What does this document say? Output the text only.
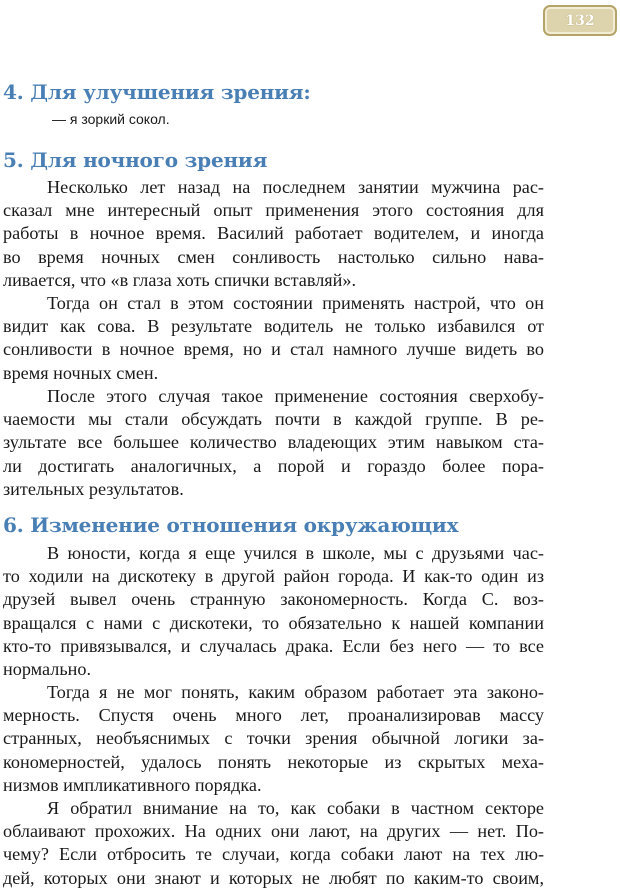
132
4. Для улучшения зрения:

— я зоркий сокол.

5. Для ночного зрения
Несколько лет назад на последнем занятии мужчина рас-
сказал мне интересный опыт применения этого состояния для
работы в ночное время. Василий работает водителем, и иногда
во время ночных смен сонливость настолько сильно нава-
ливается, что «в глаза хоть спички вставляй».
Тогда он стал в этом состоянии применять настрой, что он
видит как сова. В результате водитель не только избавился от
сонливости в ночное время, но и стал намного лучше видеть во
время ночных смен.
После этого случая такое применение состояния сверхобу-
чаемости мы стали обсуждать почти в каждой группе. В ре-
зультате все большее количество владеющих этим навыком ста-
ли достигать аналогичных, а порой и гораздо более пора-
зительных результатов.
6. Изменение отношения окружающих
В юности, когда я еще учился в школе, мы с друзьями час-
то ходили на дискотеку в другой район города. И как-то один из
друзей вывел очень странную закономерность. Когда С. воз-
вращался с нами с дискотеки, то обязательно к нашей компании
кто-то привязывался, и случалась драка. Если без него — то все
нормально.
Тогда я не мог понять, каким образом работает эта законо-
мерность. Спустя очень много лет, проанализировав массу
странных, необъяснимых с точки зрения обычной логики за-
кономерностей, удалось понять некоторые из скрытых меха-
низмов импликативного порядка.
Я обратил внимание на то, как собаки в частном секторе
облаивают прохожих. На одних они лают, на других — нет. По-
чему? Если отбросить те случаи, когда собаки лают на тех лю-
дей, которых они знают и которых не любят по каким-то своим,
